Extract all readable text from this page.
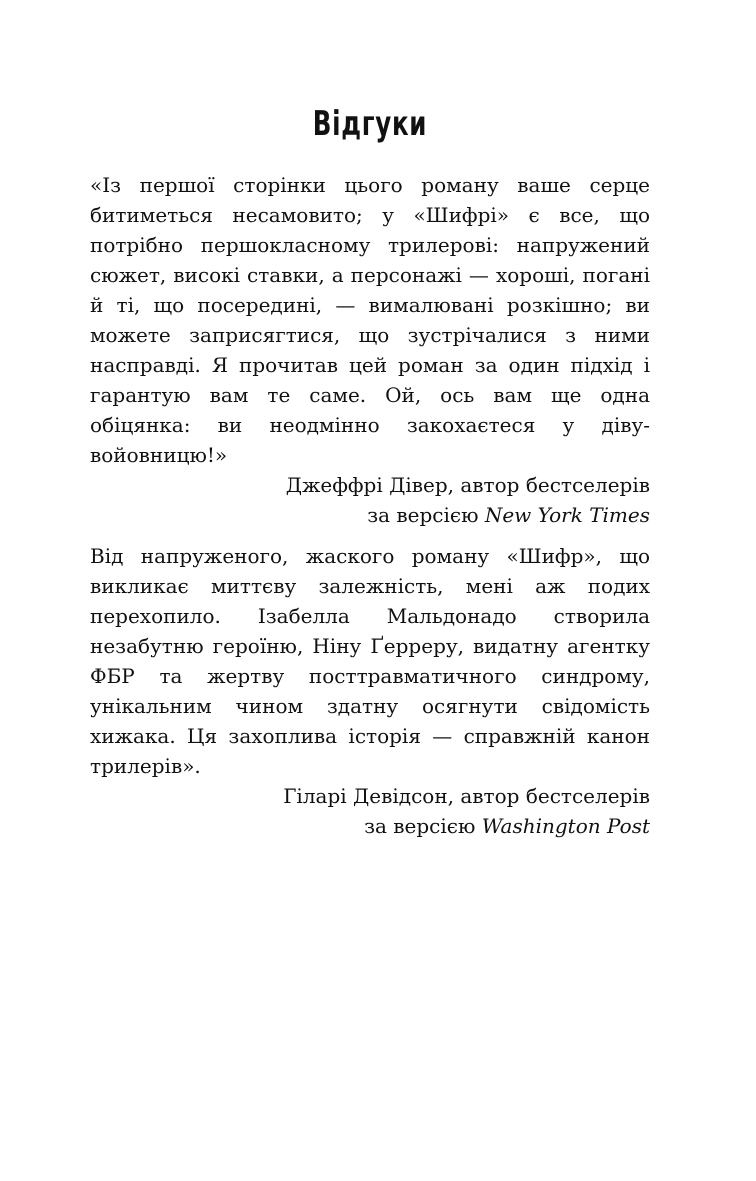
Відгуки

«Із першої сторінки цього роману ваше серце битиметься несамовито; у «Шифрі» є все, що потрібно першокласному трилерові: напружений сюжет, високі ставки, а персонажі — хороші, погані й ті, що посередині, — вималювані розкішно; ви можете заприсягтися, що зустрічалися з ними насправді. Я прочитав цей роман за один підхід і гарантую вам те саме. Ой, ось вам ще одна обіцянка: ви неодмінно закохаєтеся у діву-войовницю!»

Джеффрі Дівер, автор бестселерів

за версією New York Times

Від напруженого, жаского роману «Шифр», що викликає миттєву залежність, мені аж подих перехопило. Ізабелла Мальдонадо створила незабутню героїню, Ніну Ґерреру, видатну агентку ФБР та жертву посттравматичного синдрому, унікальним чином здатну осягнути свідомість хижака. Ця захоплива історія — справжній канон трилерів».

Гіларі Девідсон, автор бестселерів

за версією Washington Post
